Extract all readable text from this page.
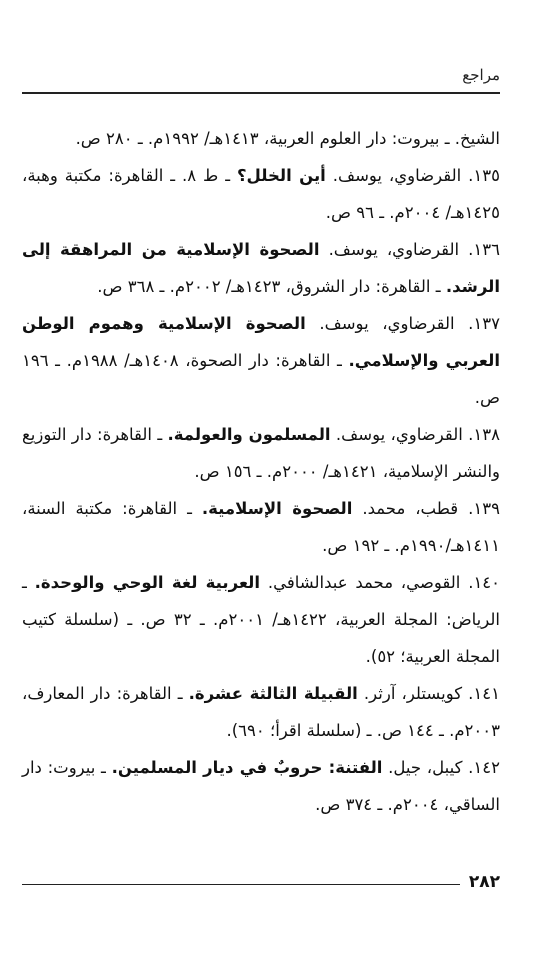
مراجع

الشيخ. ـ بيروت: دار العلوم العربية، ١٤١٣هـ/ ١٩٩٢م. ـ ٢٨٠ ص.

١٣٥. القرضاوي، يوسف. أين الخلل؟ ـ ط ٨. ـ القاهرة: مكتبة وهبة، ١٤٢٥هـ/ ٢٠٠٤م. ـ ٩٦ ص.

١٣٦. القرضاوي، يوسف. الصحوة الإسلامية من المراهقة إلى الرشد. ـ القاهرة: دار الشروق، ١٤٢٣هـ/ ٢٠٠٢م. ـ ٣٦٨ ص.

١٣٧. القرضاوي، يوسف. الصحوة الإسلامية وهموم الوطن العربي والإسلامي. ـ القاهرة: دار الصحوة، ١٤٠٨هـ/ ١٩٨٨م. ـ ١٩٦ ص.

١٣٨. القرضاوي، يوسف. المسلمون والعولمة. ـ القاهرة: دار التوزيع والنشر الإسلامية، ١٤٢١هـ/ ٢٠٠٠م. ـ ١٥٦ ص.

١٣٩. قطب، محمد. الصحوة الإسلامية. ـ القاهرة: مكتبة السنة، ١٤١١هـ/١٩٩٠م. ـ ١٩٢ ص.

١٤٠. القوصي، محمد عبدالشافي. العربية لغة الوحي والوحدة. ـ الرياض: المجلة العربية، ١٤٢٢هـ/ ٢٠٠١م. ـ ٣٢ ص. ـ (سلسلة كتيب المجلة العربية؛ ٥٢).

١٤١. كويستلر، آرثر. القبيلة الثالثة عشرة. ـ القاهرة: دار المعارف، ٢٠٠٣م. ـ ١٤٤ ص. ـ (سلسلة اقرأ؛ ٦٩٠).

١٤٢. كيبل، جيل. الفتنة: حروبٌ في ديار المسلمين. ـ بيروت: دار الساقي، ٢٠٠٤م. ـ ٣٧٤ ص.

٢٨٢
